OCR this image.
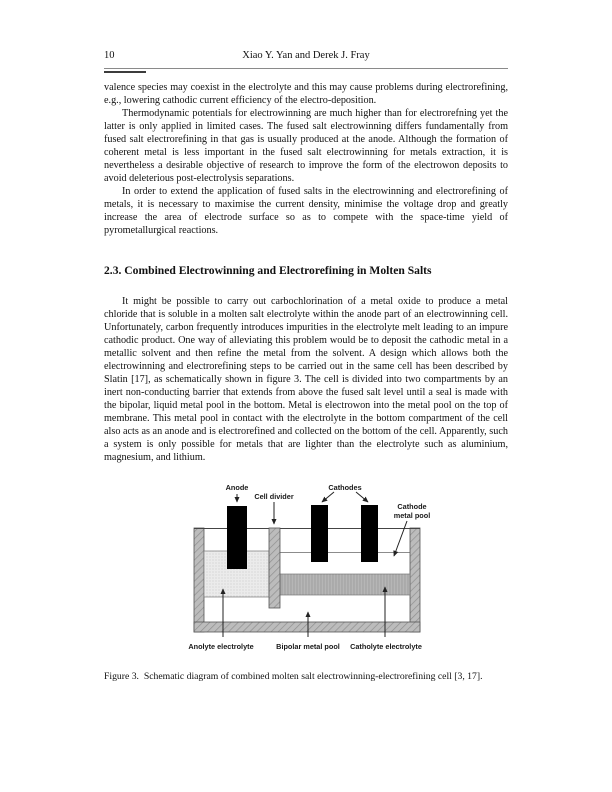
10	Xiao Y. Yan and Derek J. Fray

valence species may coexist in the electrolyte and this may cause problems during electrorefining, e.g., lowering cathodic current efficiency of the electro-deposition.

Thermodynamic potentials for electrowinning are much higher than for electrorefning yet the latter is only applied in limited cases. The fused salt electrowinning differs fundamentally from fused salt electrorefining in that gas is usually produced at the anode. Although the formation of coherent metal is less important in the fused salt electrowinning for metals extraction, it is nevertheless a desirable objective of research to improve the form of the electrowon deposits to avoid deleterious post-electrolysis separations.

In order to extend the application of fused salts in the electrowinning and electrorefining of metals, it is necessary to maximise the current density, minimise the voltage drop and greatly increase the area of electrode surface so as to compete with the space-time yield of pyrometallurgical reactions.

2.3. Combined Electrowinning and Electrorefining in Molten Salts

It might be possible to carry out carbochlorination of a metal oxide to produce a metal chloride that is soluble in a molten salt electrolyte within the anode part of an electrowinning cell. Unfortunately, carbon frequently introduces impurities in the electrolyte melt leading to an impure cathodic product. One way of alleviating this problem would be to deposit the cathodic metal in a metallic solvent and then refine the metal from the solvent. A design which allows both the electrowinning and electrorefining steps to be carried out in the same cell has been described by Slatin [17], as schematically shown in figure 3. The cell is divided into two compartments by an inert non-conducting barrier that extends from above the fused salt level until a seal is made with the bipolar, liquid metal pool in the bottom. Metal is electrowon into the metal pool on the top of membrane. This metal pool in contact with the electrolyte in the bottom compartment of the cell also acts as an anode and is electrorefined and collected on the bottom of the cell. Apparently, such a system is only possible for metals that are lighter than the electrolyte such as aluminium, magnesium, and lithium.

Anode
Cell divider
Cathodes
Cathode
metal pool
Anolyte electrolyte	Bipolar metal pool Catholyte electrolyte
Figure 3.  Schematic diagram of combined molten salt electrowinning-electrorefining cell [3, 17].
